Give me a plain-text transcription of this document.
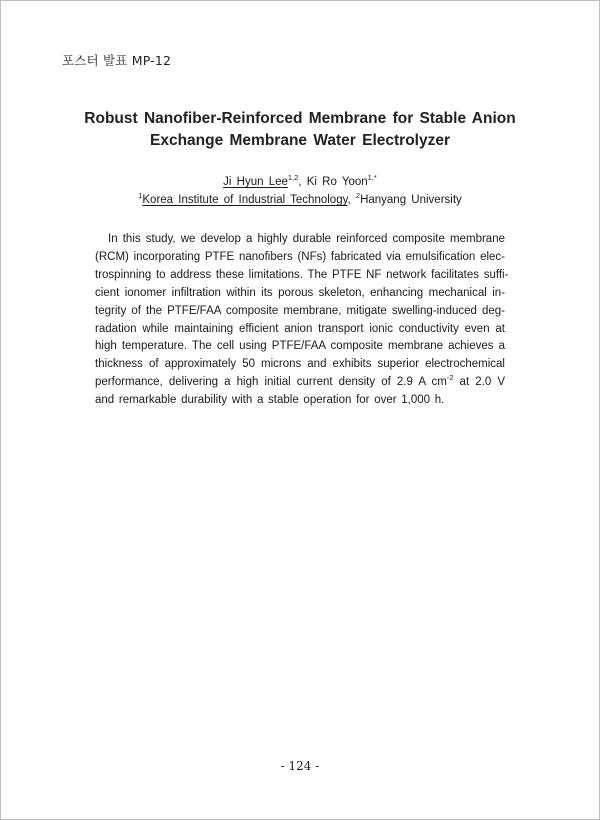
포스터 발표 MP-12
Robust Nanofiber-Reinforced Membrane for Stable Anion
Exchange Membrane Water Electrolyzer
Ji Hyun Lee$^{1,2}$, Ki Ro Yoon$^{1,*}$
$^1$Korea Institute of Industrial Technology, $^2$Hanyang University
In this study, we develop a highly durable reinforced composite membrane
(RCM) incorporating PTFE nanofibers (NFs) fabricated via emulsification elec-
trospinning to address these limitations. The PTFE NF network facilitates suffi-
cient ionomer infiltration within its porous skeleton, enhancing mechanical in-
tegrity of the PTFE/FAA composite membrane, mitigate swelling-induced deg-
radation while maintaining efficient anion transport ionic conductivity even at
high temperature. The cell using PTFE/FAA composite membrane achieves a
thickness of approximately 50 microns and exhibits superior electrochemical
performance, delivering a high initial current density of 2.9 A $cm^{-2}$ at 2.0 V
and remarkable durability with a stable operation for over 1,000 h.
- 124 -
